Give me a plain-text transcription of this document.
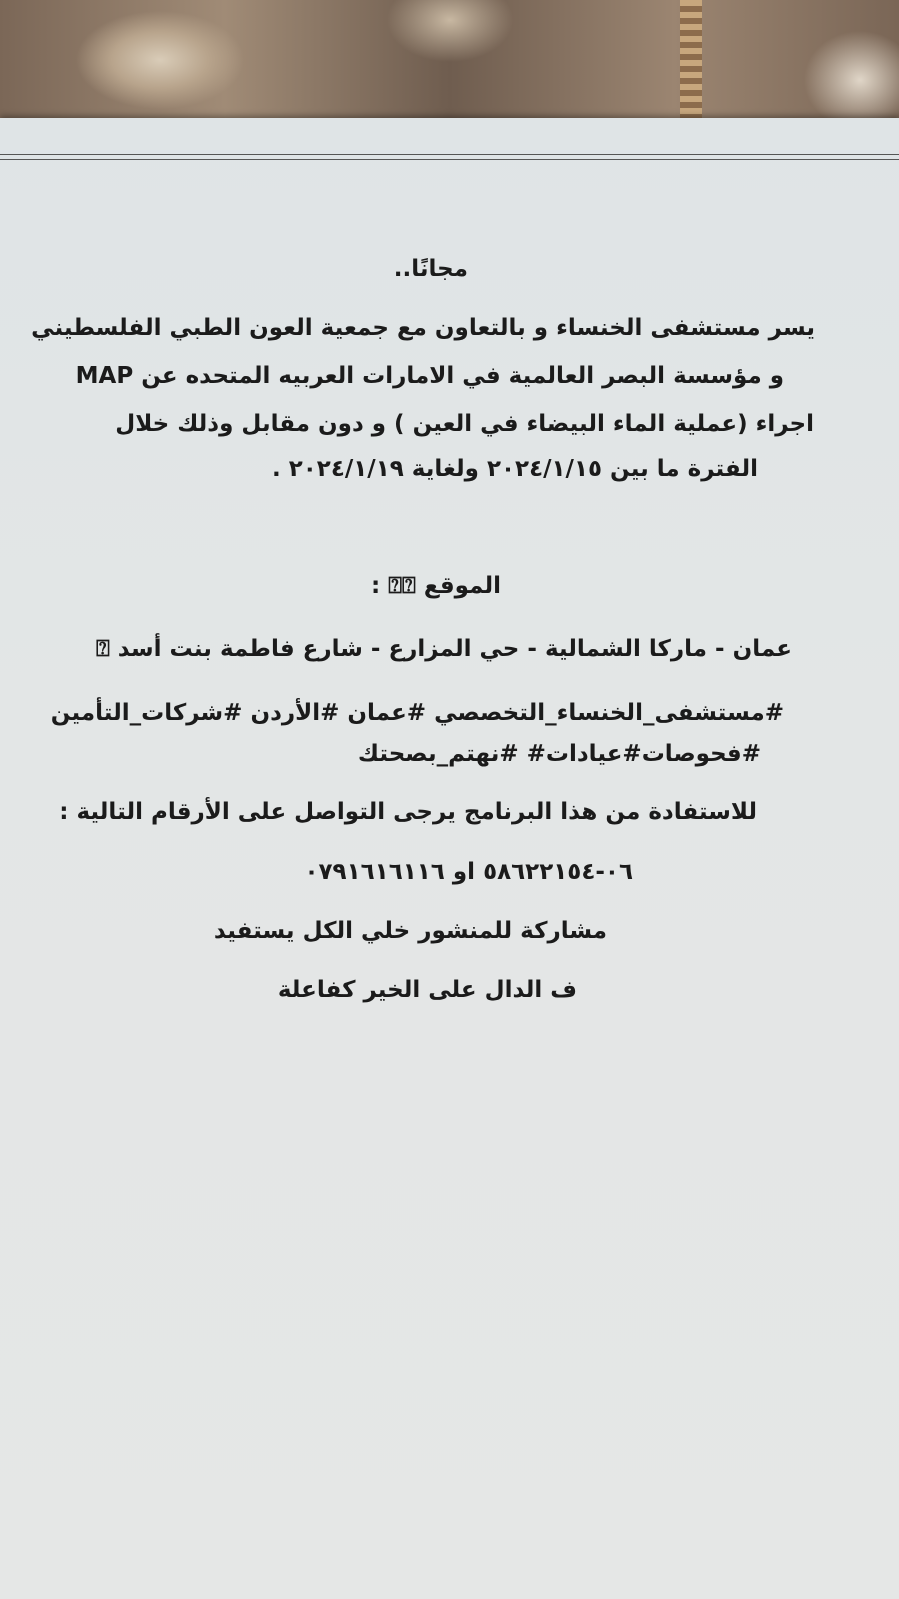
مجانًا..
يسر مستشفى الخنساء و بالتعاون مع جمعية العون الطبي الفلسطيني
MAP و مؤسسة البصر العالمية في الامارات العربيه المتحده عن
اجراء (عملية الماء البيضاء في العين ) و دون مقابل وذلك خلال
الفترة ما بين ٢٠٢٤/١/١٥ ولغاية ٢٠٢٤/١/١٩ .
الموقع ⍰⍰ :
⍰ عمان - ماركا الشمالية - حي المزارع - شارع فاطمة بنت أسد
#مستشفى_الخنساء_التخصصي #عمان #الأردن #شركات_التأمين
#فحوصات#عيادات# #نهتم_بصحتك
للاستفادة من هذا البرنامج يرجى التواصل على الأرقام التالية :
٠٦-٥٨٦٢٢١٥٤ او ٠٧٩١٦١٦١١٦
مشاركة للمنشور خلي الكل يستفيد
ف الدال على الخير كفاعلة
